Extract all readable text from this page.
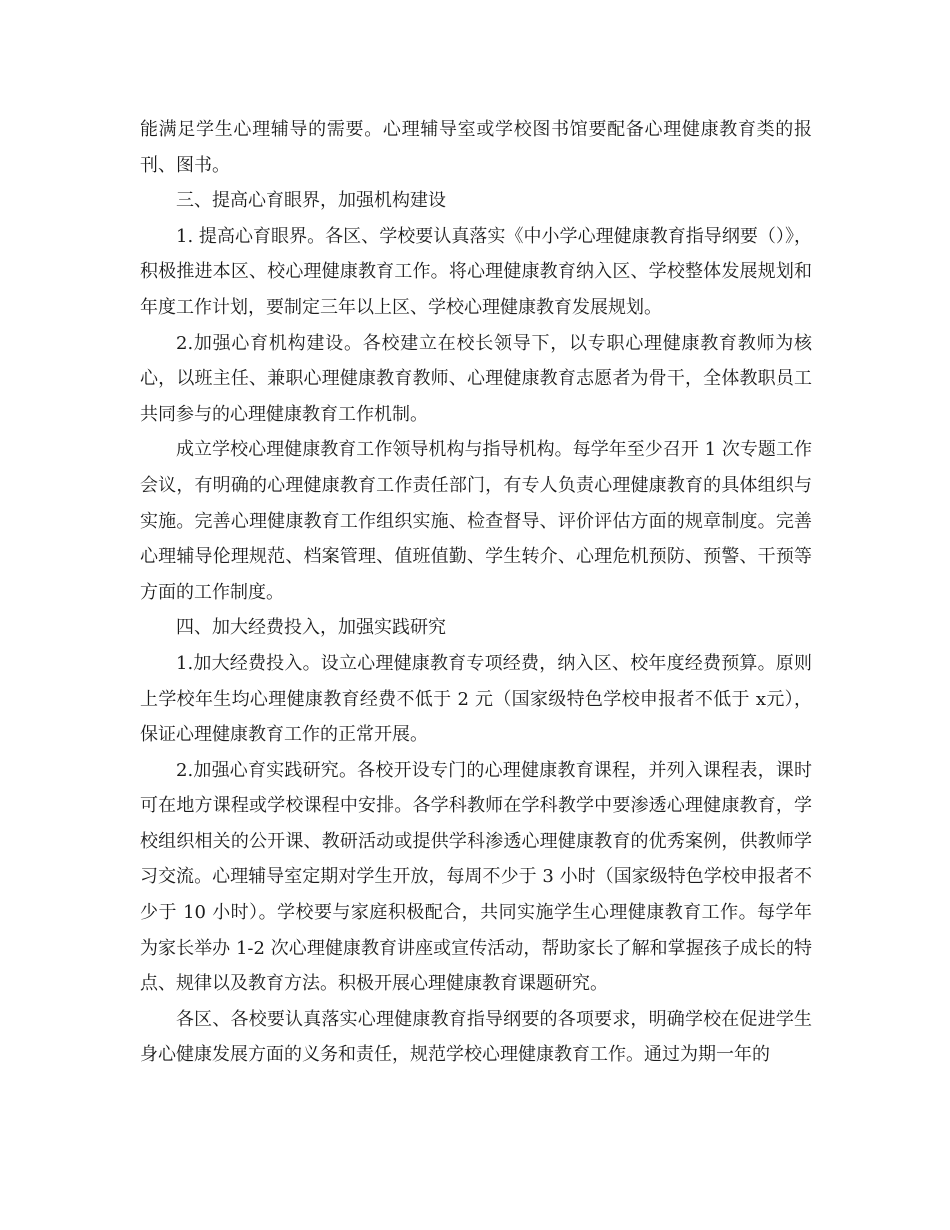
能满足学生心理辅导的需要。心理辅导室或学校图书馆要配备心理健康教育类的报刊、图书。

三、提高心育眼界，加强机构建设

1. 提高心育眼界。各区、学校要认真落实《中小学心理健康教育指导纲要（）》， 积极推进本区、校心理健康教育工作。将心理健康教育纳入区、学校整体发展规划和年度工作计划，要制定三年以上区、学校心理健康教育发展规划。

2.加强心育机构建设。各校建立在校长领导下，以专职心理健康教育教师为核心，以班主任、兼职心理健康教育教师、心理健康教育志愿者为骨干，全体教职员工共同参与的心理健康教育工作机制。

成立学校心理健康教育工作领导机构与指导机构。每学年至少召开 1 次专题工作会议，有明确的心理健康教育工作责任部门，有专人负责心理健康教育的具体组织与实施。完善心理健康教育工作组织实施、检查督导、评价评估方面的规章制度。完善心理辅导伦理规范、档案管理、值班值勤、学生转介、心理危机预防、预警、干预等方面的工作制度。

四、加大经费投入，加强实践研究

1.加大经费投入。设立心理健康教育专项经费，纳入区、校年度经费预算。原则上学校年生均心理健康教育经费不低于 2 元（国家级特色学校申报者不低于 x元），保证心理健康教育工作的正常开展。

2.加强心育实践研究。各校开设专门的心理健康教育课程，并列入课程表，课时可在地方课程或学校课程中安排。各学科教师在学科教学中要渗透心理健康教育，学校组织相关的公开课、教研活动或提供学科渗透心理健康教育的优秀案例，供教师学习交流。心理辅导室定期对学生开放，每周不少于 3 小时（国家级特色学校申报者不少于 10 小时）。学校要与家庭积极配合，共同实施学生心理健康教育工作。每学年为家长举办 1-2 次心理健康教育讲座或宣传活动，帮助家长了解和掌握孩子成长的特点、规律以及教育方法。积极开展心理健康教育课题研究。

各区、各校要认真落实心理健康教育指导纲要的各项要求，明确学校在促进学生身心健康发展方面的义务和责任，规范学校心理健康教育工作。通过为期一年的
